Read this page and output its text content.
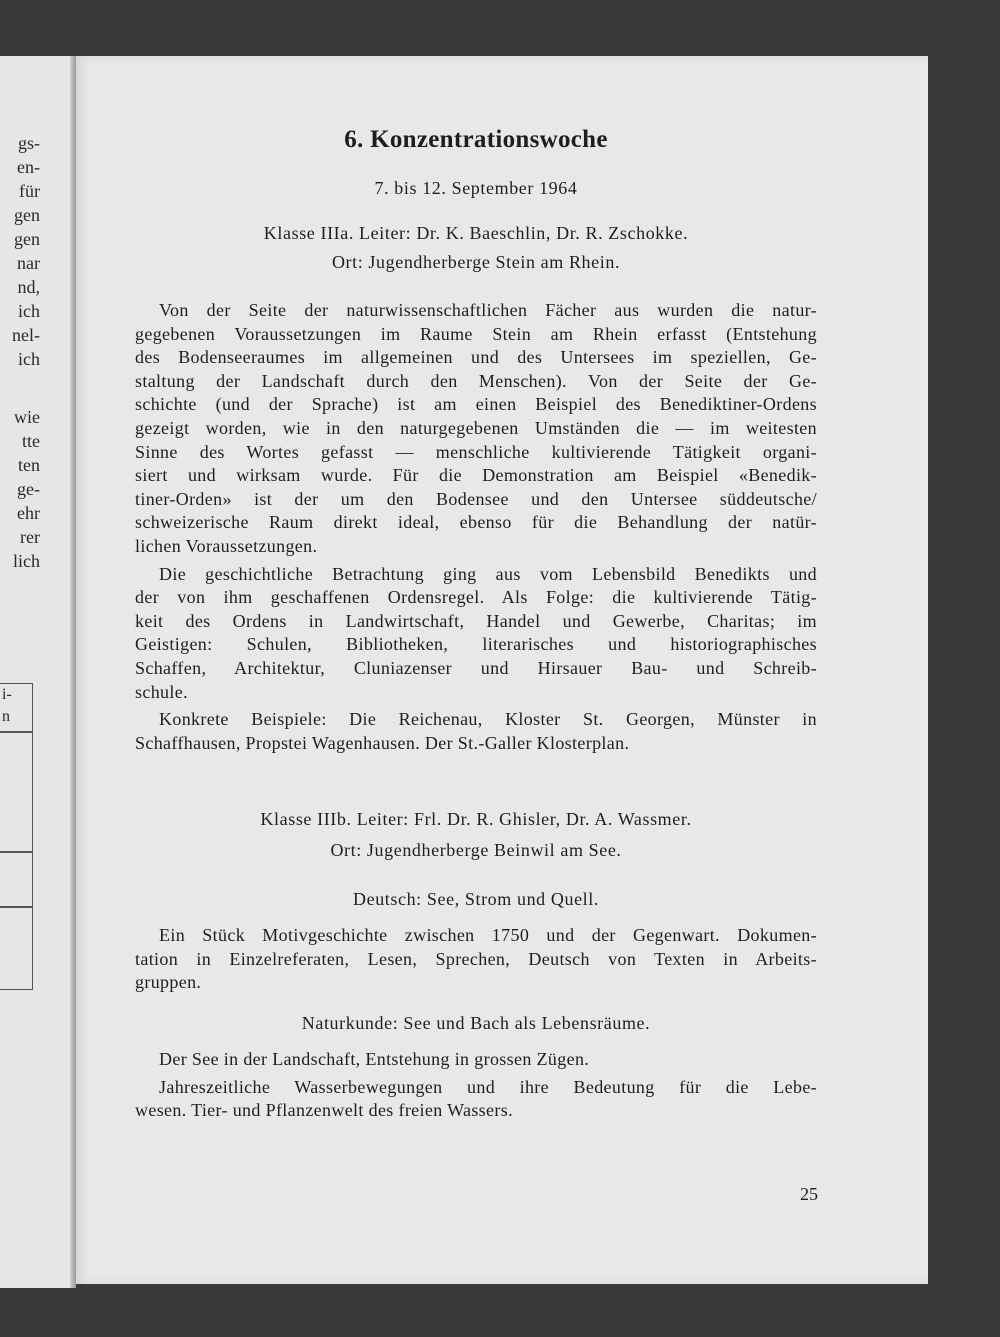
gs-
en-
für
gen
gen
nar
nd,
ich
nel-
ich
wie
tte
ten
ge-
ehr
rer
lich
i-
n
6. Konzentrationswoche
7. bis 12. September 1964
Klasse IIIa. Leiter: Dr. K. Baeschlin, Dr. R. Zschokke.
Ort: Jugendherberge Stein am Rhein.
Von der Seite der naturwissenschaftlichen Fächer aus wurden die natur-
gegebenen Voraussetzungen im Raume Stein am Rhein erfasst (Entstehung
des Bodenseeraumes im allgemeinen und des Untersees im speziellen, Ge-
staltung der Landschaft durch den Menschen). Von der Seite der Ge-
schichte (und der Sprache) ist am einen Beispiel des Benediktiner-Ordens
gezeigt worden, wie in den naturgegebenen Umständen die — im weitesten
Sinne des Wortes gefasst — menschliche kultivierende Tätigkeit organi-
siert und wirksam wurde. Für die Demonstration am Beispiel «Benedik-
tiner-Orden» ist der um den Bodensee und den Untersee süddeutsche/
schweizerische Raum direkt ideal, ebenso für die Behandlung der natür-
lichen Voraussetzungen.
Die geschichtliche Betrachtung ging aus vom Lebensbild Benedikts und
der von ihm geschaffenen Ordensregel. Als Folge: die kultivierende Tätig-
keit des Ordens in Landwirtschaft, Handel und Gewerbe, Charitas; im
Geistigen: Schulen, Bibliotheken, literarisches und historiographisches
Schaffen, Architektur, Cluniazenser und Hirsauer Bau- und Schreib-
schule.
Konkrete Beispiele: Die Reichenau, Kloster St. Georgen, Münster in
Schaffhausen, Propstei Wagenhausen. Der St.-Galler Klosterplan.
Klasse IIIb. Leiter: Frl. Dr. R. Ghisler, Dr. A. Wassmer.
Ort: Jugendherberge Beinwil am See.
Deutsch: See, Strom und Quell.
Ein Stück Motivgeschichte zwischen 1750 und der Gegenwart. Dokumen-
tation in Einzelreferaten, Lesen, Sprechen, Deutsch von Texten in Arbeits-
gruppen.
Naturkunde: See und Bach als Lebensräume.
Der See in der Landschaft, Entstehung in grossen Zügen.
Jahreszeitliche Wasserbewegungen und ihre Bedeutung für die Lebe-
wesen. Tier- und Pflanzenwelt des freien Wassers.
25
